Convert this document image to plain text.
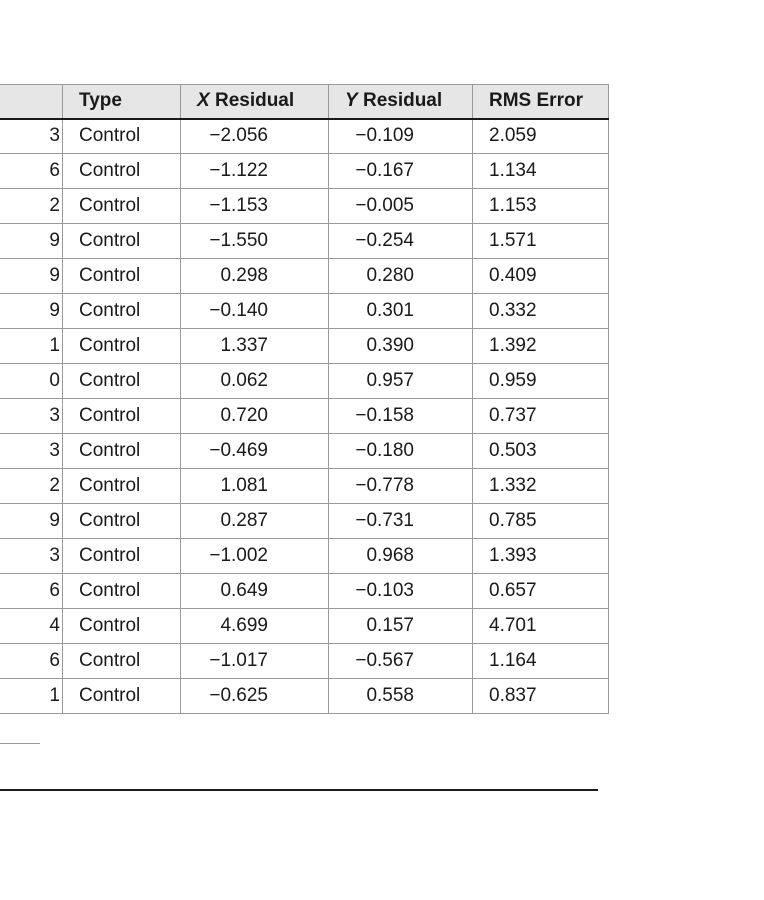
	Type	X Residual	Y Residual	RMS Error
3	Control	−2.056	−0.109	2.059
6	Control	−1.122	−0.167	1.134
2	Control	−1.153	−0.005	1.153
9	Control	−1.550	−0.254	1.571
9	Control	0.298	0.280	0.409
9	Control	−0.140	0.301	0.332
1	Control	1.337	0.390	1.392
0	Control	0.062	0.957	0.959
3	Control	0.720	−0.158	0.737
3	Control	−0.469	−0.180	0.503
2	Control	1.081	−0.778	1.332
9	Control	0.287	−0.731	0.785
3	Control	−1.002	0.968	1.393
6	Control	0.649	−0.103	0.657
4	Control	4.699	0.157	4.701
6	Control	−1.017	−0.567	1.164
1	Control	−0.625	0.558	0.837
